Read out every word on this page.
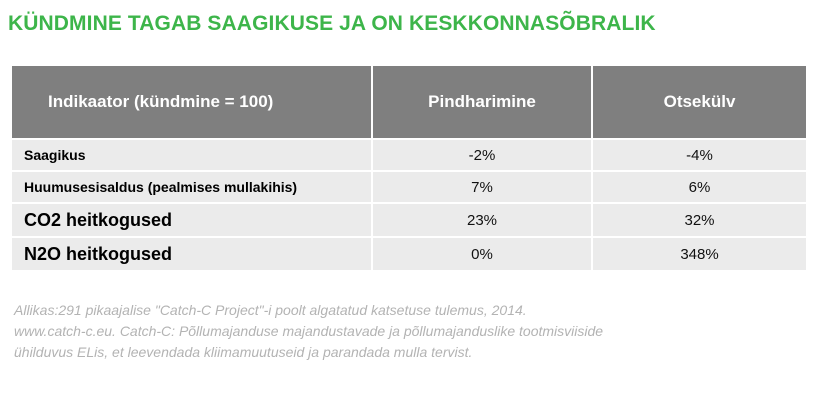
KÜNDMINE TAGAB SAAGIKUSE JA ON KESKKONNASÕBRALIK
Indikaator (kündmine = 100)	Pindharimine	Otsekülv
Saagikus	-2%	-4%
Huumusesisaldus (pealmises mullakihis)	7%	6%
CO2 heitkogused	23%	32%
N2O heitkogused	0%	348%
Allikas:291 pikaajalise "Catch-C Project"-i poolt algatatud katsetuse tulemus, 2014.
www.catch-c.eu. Catch-C: Põllumajanduse majandustavade ja põllumajanduslike tootmisviiside
ühilduvus ELis, et leevendada kliimamuutuseid ja parandada mulla tervist.
